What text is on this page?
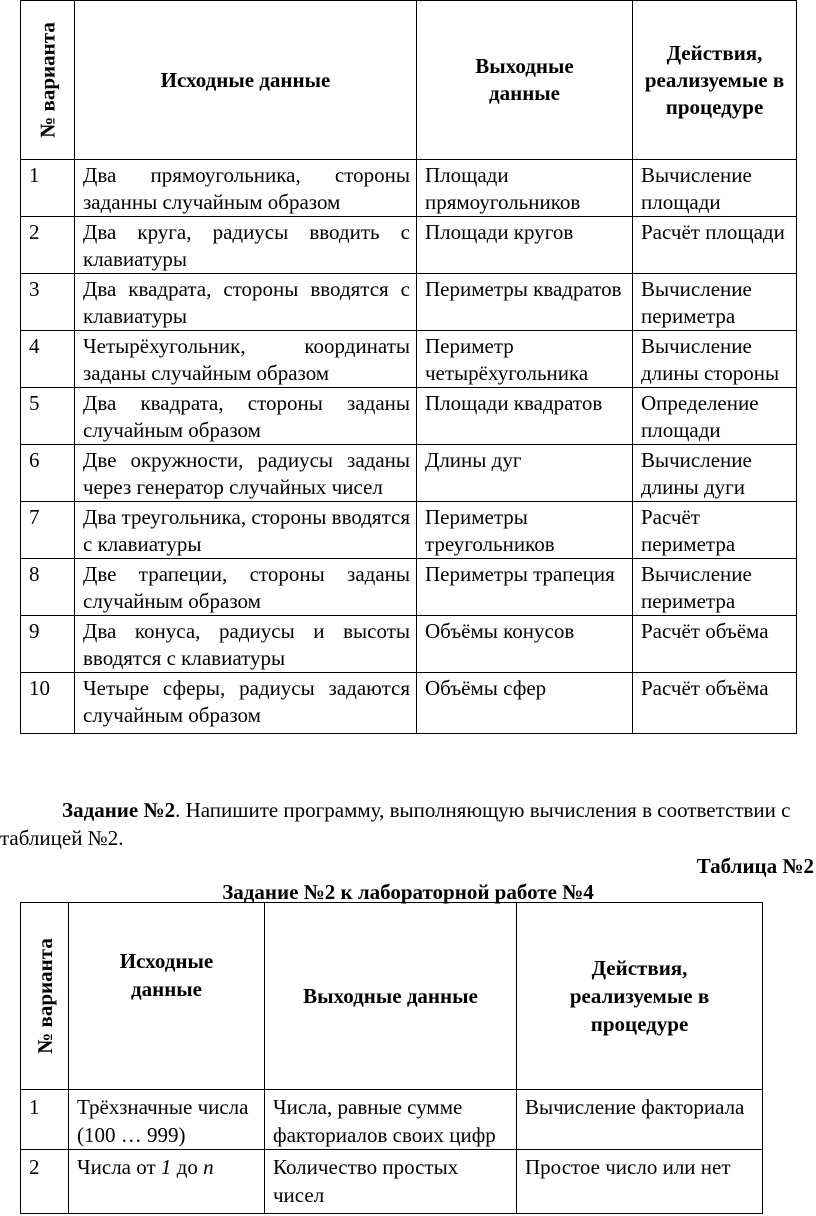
№ варианта	Исходные данные	Выходные данные	Действия, реализуемые в процедуре
1	Два прямоугольника, стороны заданны случайным образом	Площади прямоугольников	Вычисление площади
2	Два круга, радиусы вводить с клавиатуры	Площади кругов	Расчёт площади
3	Два квадрата, стороны вводятся с клавиатуры	Периметры квадратов	Вычисление периметра
4	Четырёхугольник, координаты заданы случайным образом	Периметр четырёхугольника	Вычисление длины стороны
5	Два квадрата, стороны заданы случайным образом	Площади квадратов	Определение площади
6	Две окружности, радиусы заданы через генератор случайных чисел	Длины дуг	Вычисление длины дуги
7	Два треугольника, стороны вводятся с клавиатуры	Периметры треугольников	Расчёт периметра
8	Две трапеции, стороны заданы случайным образом	Периметры трапеция	Вычисление периметра
9	Два конуса, радиусы и высоты вводятся с клавиатуры	Объёмы конусов	Расчёт объёма
10	Четыре сферы, радиусы задаются случайным образом	Объёмы сфер	Расчёт объёма
Задание №2. Напишите программу, выполняющую вычисления в соответствии с таблицей №2.
Таблица №2
Задание №2 к лабораторной работе №4
№ варианта	Исходные данные	Выходные данные	Действия, реализуемые в процедуре
1	Трёхзначные числа (100 … 999)	Числа, равные сумме факториалов своих цифр	Вычисление факториала
2	Числа от 1 до n	Количество простых чисел	Простое число или нет
